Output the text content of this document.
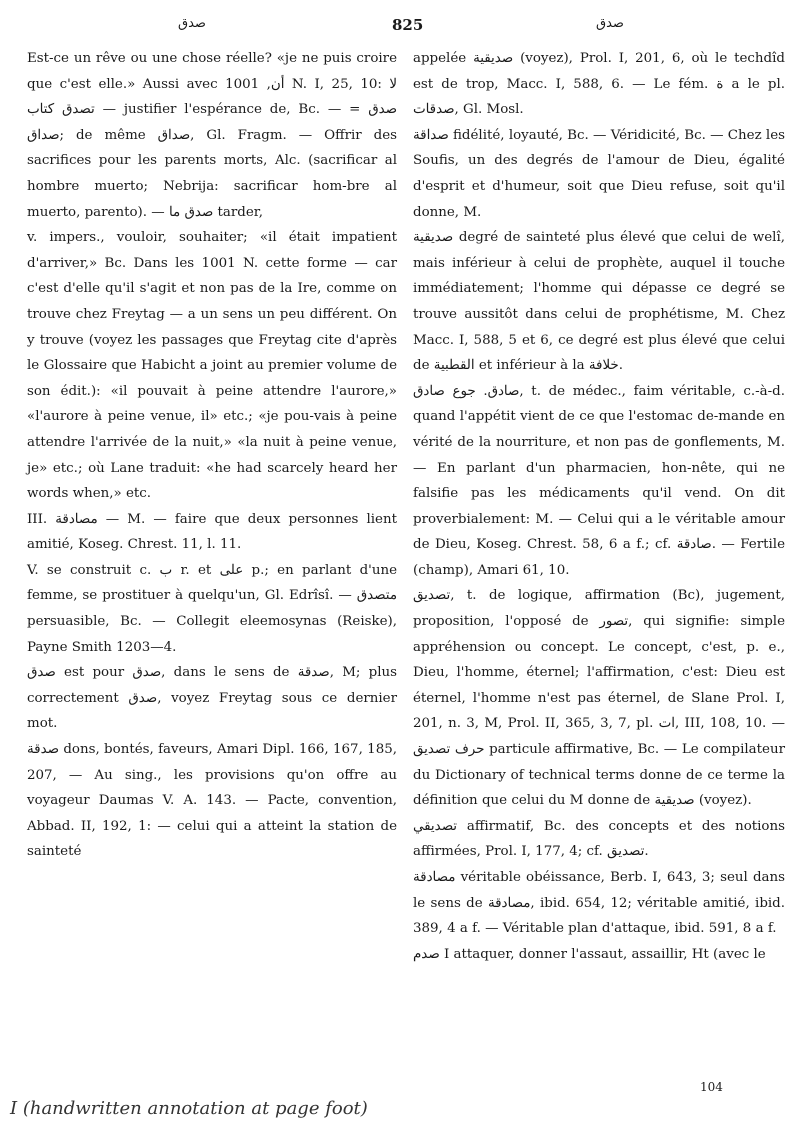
صدق	825	صدق

Est-ce un rêve ou une chose réelle? «je ne puis croire que c'est elle.» Aussi avec أن, 1001 N. I, 25, 10: لا تصدق كتاب — justifier l'espérance de, Bc. — صدق = صداق; de même صداق, Gl. Fragm. — Offrir des sacrifices pour les parents morts, Alc. (sacrificar al hombre muerto; Nebrija: sacrificar hom-bre al muerto, parento). — صدق ما tarder,

v. impers., vouloir, souhaiter; «il était impatient d'arriver,» Bc. Dans les 1001 N. cette forme — car c'est d'elle qu'il s'agit et non pas de la Ire, comme on trouve chez Freytag — a un sens un peu différent. On y trouve (voyez les passages que Freytag cite d'après le Glossaire que Habicht a joint au premier volume de son édit.): «il pouvait à peine attendre l'aurore,» «l'aurore à peine venue, il» etc.; «je pou-vais à peine attendre l'arrivée de la nuit,» «la nuit à peine venue, je» etc.; où Lane traduit: «he had scarcely heard her words when,» etc.

III. مصادقة — M. — faire que deux personnes lient amitié, Koseg. Chrest. 11, l. 11.

V. se construit c. ب r. et على p.; en parlant d'une femme, se prostituer à quelqu'un, Gl. Edrîsî. — متصدق persuasible, Bc. — Collegit eleemosynas (Reiske), Payne Smith 1203—4.

صدق est pour صدق, dans le sens de صدقة, M; plus correctement صدق, voyez Freytag sous ce dernier mot.

صدقة dons, bontés, faveurs, Amari Dipl. 166, 167, 185, 207, — Au sing., les provisions qu'on offre au voyageur Daumas V. A. 143. — Pacte, convention, Abbad. II, 192, 1: — celui qui a atteint la station de sainteté

appelée صديقية (voyez), Prol. I, 201, 6, où le techdîd est de trop, Macc. I, 588, 6. — Le fém. ة a le pl. صدقات, Gl. Mosl.

صداقة fidélité, loyauté, Bc. — Véridicité, Bc. — Chez les Soufis, un des degrés de l'amour de Dieu, égalité d'esprit et d'humeur, soit que Dieu refuse, soit qu'il donne, M.

صديقية degré de sainteté plus élevé que celui de welî, mais inférieur à celui de prophète, auquel il touche immédiatement; l'homme qui dépasse ce degré se trouve aussitôt dans celui de prophétisme, M. Chez Macc. I, 588, 5 et 6, ce degré est plus élevé que celui de القطبية et inférieur à la خلافة.

صادق. جوع صادق, t. de médec., faim véritable, c.-à-d. quand l'appétit vient de ce que l'estomac de-mande en vérité de la nourriture, et non pas de gonflements, M. — En parlant d'un pharmacien, hon-nête, qui ne falsifie pas les médicaments qu'il vend. On dit proverbialement: M. — Celui qui a le véritable amour de Dieu, Koseg. Chrest. 58, 6 a f.; cf. صادقة. — Fertile (champ), Amari 61, 10.

تصديق, t. de logique, affirmation (Bc), jugement, proposition, l'opposé de تصور, qui signifie: simple appréhension ou concept. Le concept, c'est, p. e., Dieu, l'homme, éternel; l'affirmation, c'est: Dieu est éternel, l'homme n'est pas éternel, de Slane Prol. I, 201, n. 3, M, Prol. II, 365, 3, 7, pl. ات, III, 108, 10. — حرف تصديق particule affirmative, Bc. — Le compilateur du Dictionary of technical terms donne de ce terme la définition que celui du M donne de صديقية (voyez).

تصديقي affirmatif, Bc. des concepts et des notions affirmées, Prol. I, 177, 4; cf. تصديق.

مصادقة véritable obéissance, Berb. I, 643, 3; seul dans le sens de مصادقة, ibid. 654, 12; véritable amitié, ibid. 389, 4 a f. — Véritable plan d'attaque, ibid. 591, 8 a f.

صدم I attaquer, donner l'assaut, assaillir, Ht (avec le

104
I (handwritten annotation at page foot)
